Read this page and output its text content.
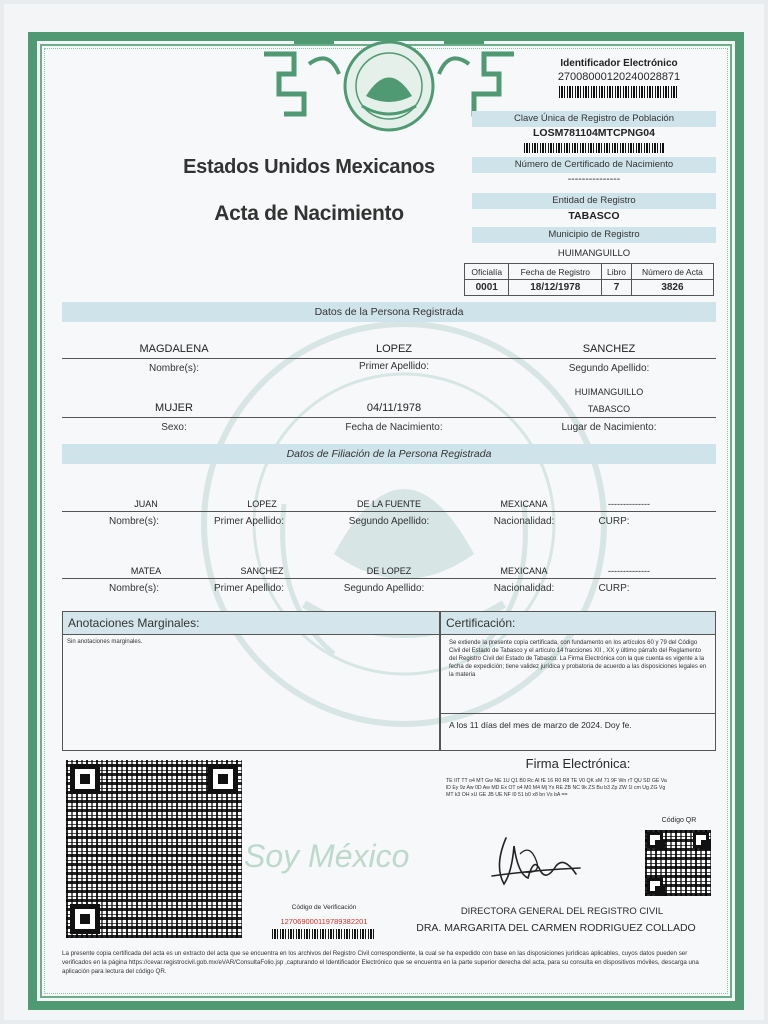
Estados Unidos Mexicanos
Acta de Nacimiento
Identificador Electrónico
27008000120240028871
Clave Única de Registro de Población
LOSM781104MTCPNG04
Número de Certificado de Nacimiento
---------------
Entidad de Registro
TABASCO
Municipio de Registro
HUIMANGUILLO
Oficialía	Fecha de Registro	Libro	Número de Acta
0001	18/12/1978	7	3826
Datos de la Persona Registrada
MAGDALENA	LOPEZ	SANCHEZ
Nombre(s):	Primer Apellido:	Segundo Apellido:
HUIMANGUILLO
MUJER	04/11/1978	TABASCO
Sexo:	Fecha de Nacimiento:	Lugar de Nacimiento:
Datos de Filiación de la Persona Registrada
JUAN	LOPEZ	DE LA FUENTE	MEXICANA	--------------
Nombre(s):	Primer Apellido:	Segundo Apellido:	Nacionalidad:	CURP:
MATEA	SANCHEZ	DE LOPEZ	MEXICANA	--------------
Nombre(s):	Primer Apellido:	Segundo Apellido:	Nacionalidad:	CURP:
Anotaciones Marginales:
Sin anotaciones marginales.
Certificación:
Se extiende la presente copia certificada, con fundamento en los artículos 60 y 79 del Código Civil del Estado de Tabasco y el artículo 14 fracciones XII , XX y último párrafo del Reglamento del Registro Civil del Estado de Tabasco. La Firma Electrónica con la que cuenta es vigente a la fecha de expedición; tiene validez jurídica y probatoria de acuerdo a las disposiciones legales en la materia
A los 11 días del mes de marzo de 2024. Doy fe.
Soy México
Firma Electrónica:
TE IIT TT o4 MT Gw NE 1U Q1 B0 Rc AI fE 16 R0 R8 TE V0 QK sM 71 9F Wn rT QU SD GE Va lD Ey 9z Aw 0D Aw MD Ex OT o4 M0 M4 Mj Ys RE ZB NC 9k ZS Bu b3 Zp ZW 1l cm Ug ZG Vg MT k3 OH xU GE JB UE NF I0 51 b0 x8 bn Vs bA ==
Código QR
Código de Verificación
127069000119789382201
DIRECTORA GENERAL DEL REGISTRO CIVIL
DRA. MARGARITA DEL CARMEN RODRIGUEZ COLLADO
La presente copia certificada del acta es un extracto del acta que se encuentra en los archivos del Registro Civil correspondiente, la cual se ha expedido con base en las disposiciones jurídicas aplicables, cuyos datos pueden ser verificados en la página https://cevar.registrocivil.gob.mx/eVAR/ConsultaFolio.jsp ,capturando el Identificador Electrónico que se encuentra en la parte superior derecha del acta, para su consulta en dispositivos móviles, descarga una aplicación para lectura del código QR.
